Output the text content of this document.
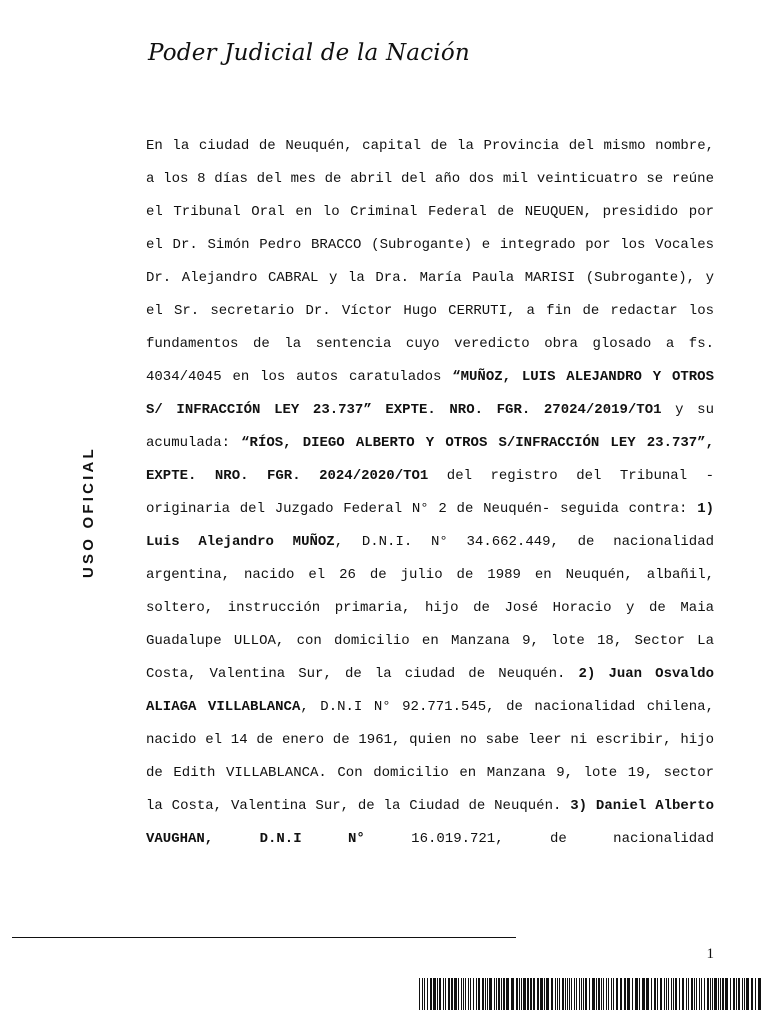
Poder Judicial de la Nación
USO OFICIAL

En la ciudad de Neuquén, capital de la Provincia del mismo nombre, a los 8 días del mes de abril del año dos mil veinticuatro se reúne el Tribunal Oral en lo Criminal Federal de NEUQUEN, presidido por el Dr. Simón Pedro BRACCO (Subrogante) e integrado por los Vocales Dr. Alejandro CABRAL y la Dra. María Paula MARISI (Subrogante), y el Sr. secretario Dr. Víctor Hugo CERRUTI, a fin de redactar los fundamentos de la sentencia cuyo veredicto obra glosado a fs. 4034/4045 en los autos caratulados “MUÑOZ, LUIS ALEJANDRO Y OTROS S/ INFRACCIÓN LEY 23.737” EXPTE. NRO. FGR. 27024/2019/TO1 y su acumulada: “RÍOS, DIEGO ALBERTO Y OTROS S/INFRACCIÓN LEY 23.737”, EXPTE. NRO. FGR. 2024/2020/TO1 del registro del Tribunal -originaria del Juzgado Federal N° 2 de Neuquén- seguida contra: 1) Luis Alejandro MUÑOZ, D.N.I. N° 34.662.449, de nacionalidad argentina, nacido el 26 de julio de 1989 en Neuquén, albañil, soltero, instrucción primaria, hijo de José Horacio y de Maia Guadalupe ULLOA, con domicilio en Manzana 9, lote 18, Sector La Costa, Valentina Sur, de la ciudad de Neuquén. 2) Juan Osvaldo ALIAGA VILLABLANCA, D.N.I N° 92.771.545, de nacionalidad chilena, nacido el 14 de enero de 1961, quien no sabe leer ni escribir, hijo de Edith VILLABLANCA. Con domicilio en Manzana 9, lote 19, sector la Costa, Valentina Sur, de la Ciudad de Neuquén. 3) Daniel Alberto VAUGHAN, D.N.I N° 16.019.721, de nacionalidad

1
